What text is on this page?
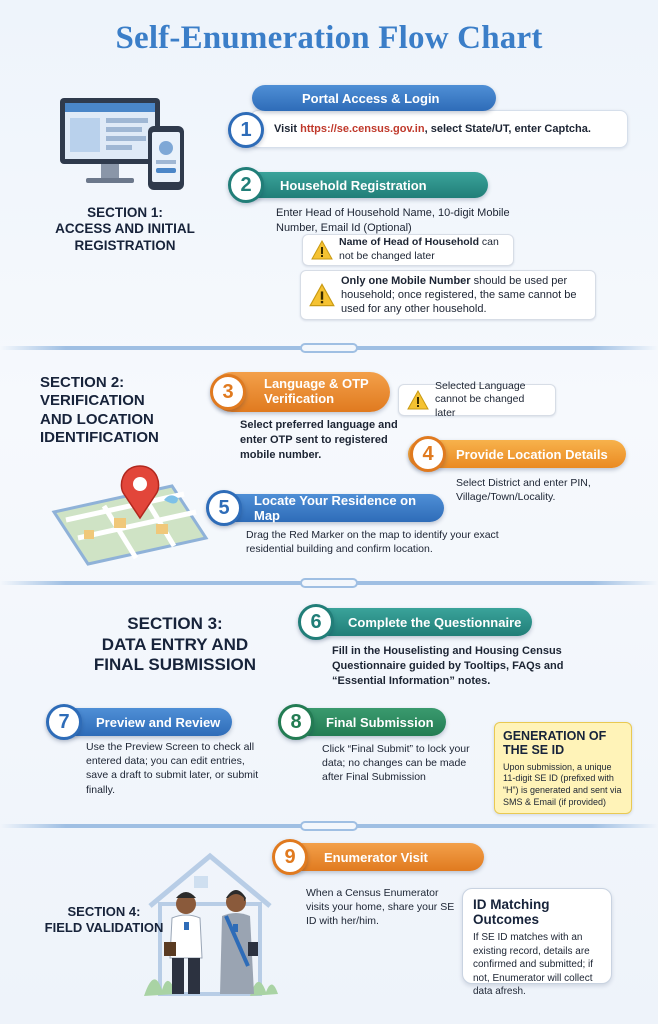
Self-Enumeration Flow Chart
SECTION 1:
ACCESS AND INITIAL
REGISTRATION
Portal Access & Login
1	Visit https://se.census.gov.in, select State/UT, enter Captcha.
Household Registration
2
Enter Head of Household Name, 10-digit Mobile Number, Email Id (Optional)
Name of Head of Household can not be changed later
Only one Mobile Number should be used per household; once registered, the same cannot be used for any other household.
SECTION 2:
VERIFICATION
AND LOCATION
IDENTIFICATION
Language & OTP Verification
3
Select preferred language and enter OTP sent to registered mobile number.
Selected Language cannot be changed later
Provide Location Details
4
Select District and enter PIN, Village/Town/Locality.
Locate Your Residence on Map
5
Drag the Red Marker on the map to identify your exact residential building and confirm location.
SECTION 3:
DATA ENTRY AND
FINAL SUBMISSION
Complete the Questionnaire
6
Fill in the Houselisting and Housing Census Questionnaire guided by Tooltips, FAQs and “Essential Information” notes.
Preview and Review
7
Use the Preview Screen to check all entered data; you can edit entries, save a draft to submit later, or submit finally.
Final Submission
8
Click “Final Submit” to lock your data; no changes can be made after Final Submission
GENERATION OF THE SE ID
Upon submission, a unique 11-digit SE ID (prefixed with “H”) is generated and sent via SMS & Email (if provided)
SECTION 4:
FIELD VALIDATION
Enumerator Visit
9
When a Census Enumerator visits your home, share your SE ID with her/him.
ID Matching Outcomes
If SE ID matches with an existing record, details are confirmed and submitted; if not, Enumerator will collect data afresh.
